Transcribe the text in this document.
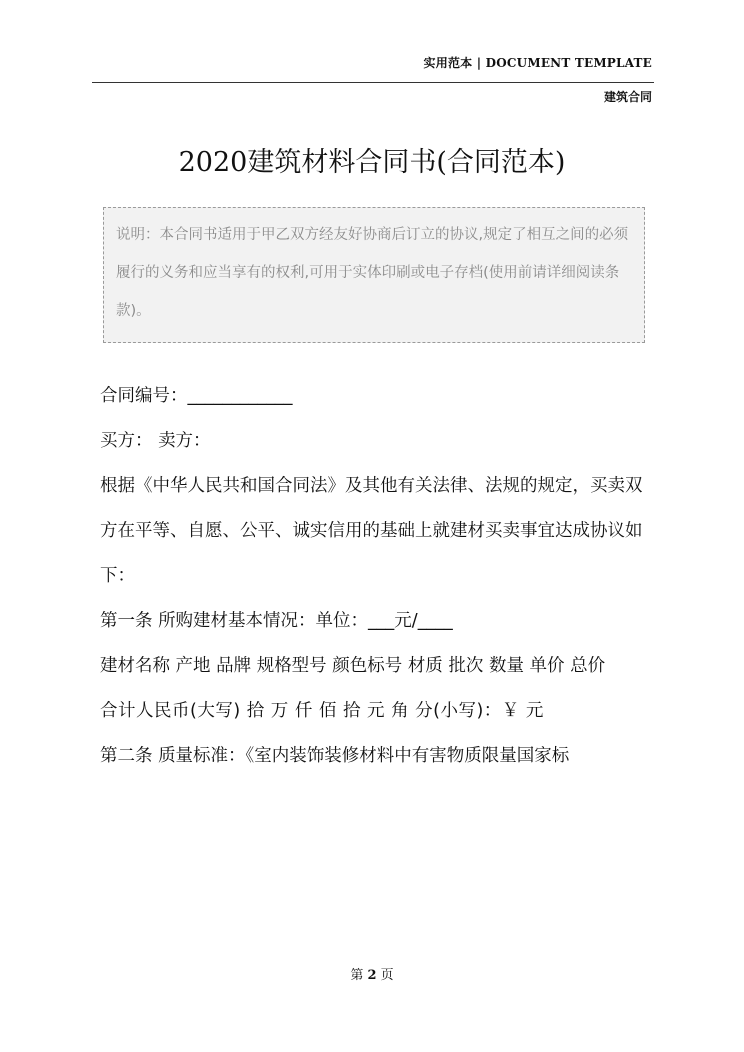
实用范本 | DOCUMENT TEMPLATE
建筑合同
2020建筑材料合同书(合同范本)
说明：本合同书适用于甲乙双方经友好协商后订立的协议,规定了相互之间的必须履行的义务和应当享有的权利,可用于实体印刷或电子存档(使用前请详细阅读条款)。

合同编号：____________

买方： 卖方：

根据《中华人民共和国合同法》及其他有关法律、法规的规定，买卖双方在平等、自愿、公平、诚实信用的基础上就建材买卖事宜达成协议如下：

第一条 所购建材基本情况：单位：___元/____

建材名称 产地 品牌 规格型号 颜色标号 材质 批次 数量 单价 总价

合计人民币(大写) 拾 万 仟 佰 拾 元 角 分(小写)：￥ 元

第二条 质量标准：《室内装饰装修材料中有害物质限量国家标

第 2 页
